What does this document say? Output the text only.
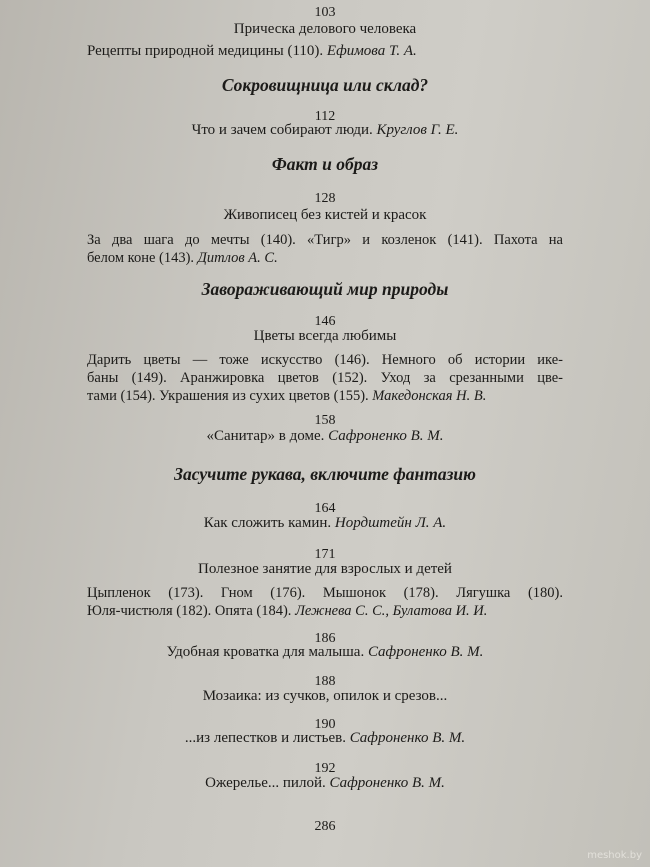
103

Прическа делового человека

Рецепты природной медицины (110). Ефимова Т. А.

Сокровищница или склад?

112

Что и зачем собирают люди. Круглов Г. Е.

Факт и образ

128

Живописец без кистей и красок

За два шага до мечты (140). «Тигр» и козленок (141). Пахота на
белом коне (143). Дитлов А. С.

Завораживающий мир природы

146

Цветы всегда любимы

Дарить цветы — тоже искусство (146). Немного об истории ике-
баны (149). Аранжировка цветов (152). Уход за срезанными цве-
тами (154). Украшения из сухих цветов (155). Македонская Н. В.

158

«Санитар» в доме. Сафроненко В. М.

Засучите рукава, включите фантазию

164

Как сложить камин. Нордштейн Л. А.

171

Полезное занятие для взрослых и детей

Цыпленок (173). Гном (176). Мышонок (178). Лягушка (180).
Юля-чистюля (182). Опята (184). Лежнева С. С., Булатова И. И.

186

Удобная кроватка для малыша. Сафроненко В. М.

188

Мозаика: из сучков, опилок и срезов...

190

...из лепестков и листьев. Сафроненко В. М.

192

Ожерелье... пилой. Сафроненко В. М.

286

meshok.by
